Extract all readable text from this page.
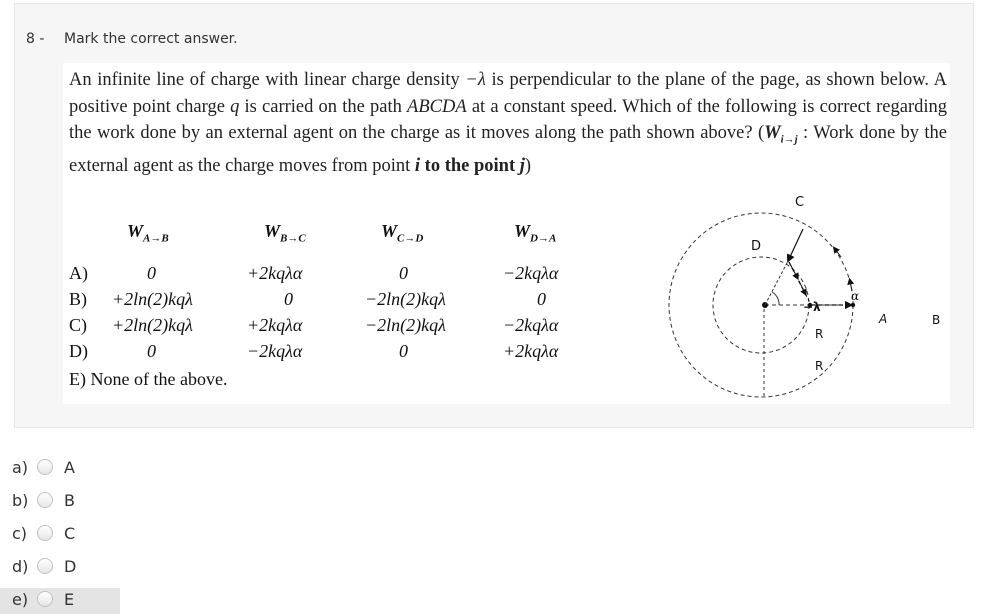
8 - Mark the correct answer.

An infinite line of charge with linear charge density −λ is perpendicular to the plane of the page, as shown below. A positive point charge q is carried on the path ABCDA at a constant speed. Which of the following is correct regarding the work done by an external agent on the charge as it moves along the path shown above? ($W_{i\to j}$ : Work done by the external agent as the charge moves from point i to the point j)

$W_{A\to B}$	$W_{B\to C}$	$W_{C\to D}$	$W_{D\to A}$
A)	0	+2kqλα	0	−2kqλα
B) +2ln(2)kqλ	0	−2ln(2)kqλ	0
C) +2ln(2)kqλ	+2kqλα	−2ln(2)kqλ	−2kqλα
D)	0	−2kqλα	0	+2kqλα
E) None of the above.
C
D
A	B
−λ
α
R
R
a) A
b) B
c) C
d) D
e) E
